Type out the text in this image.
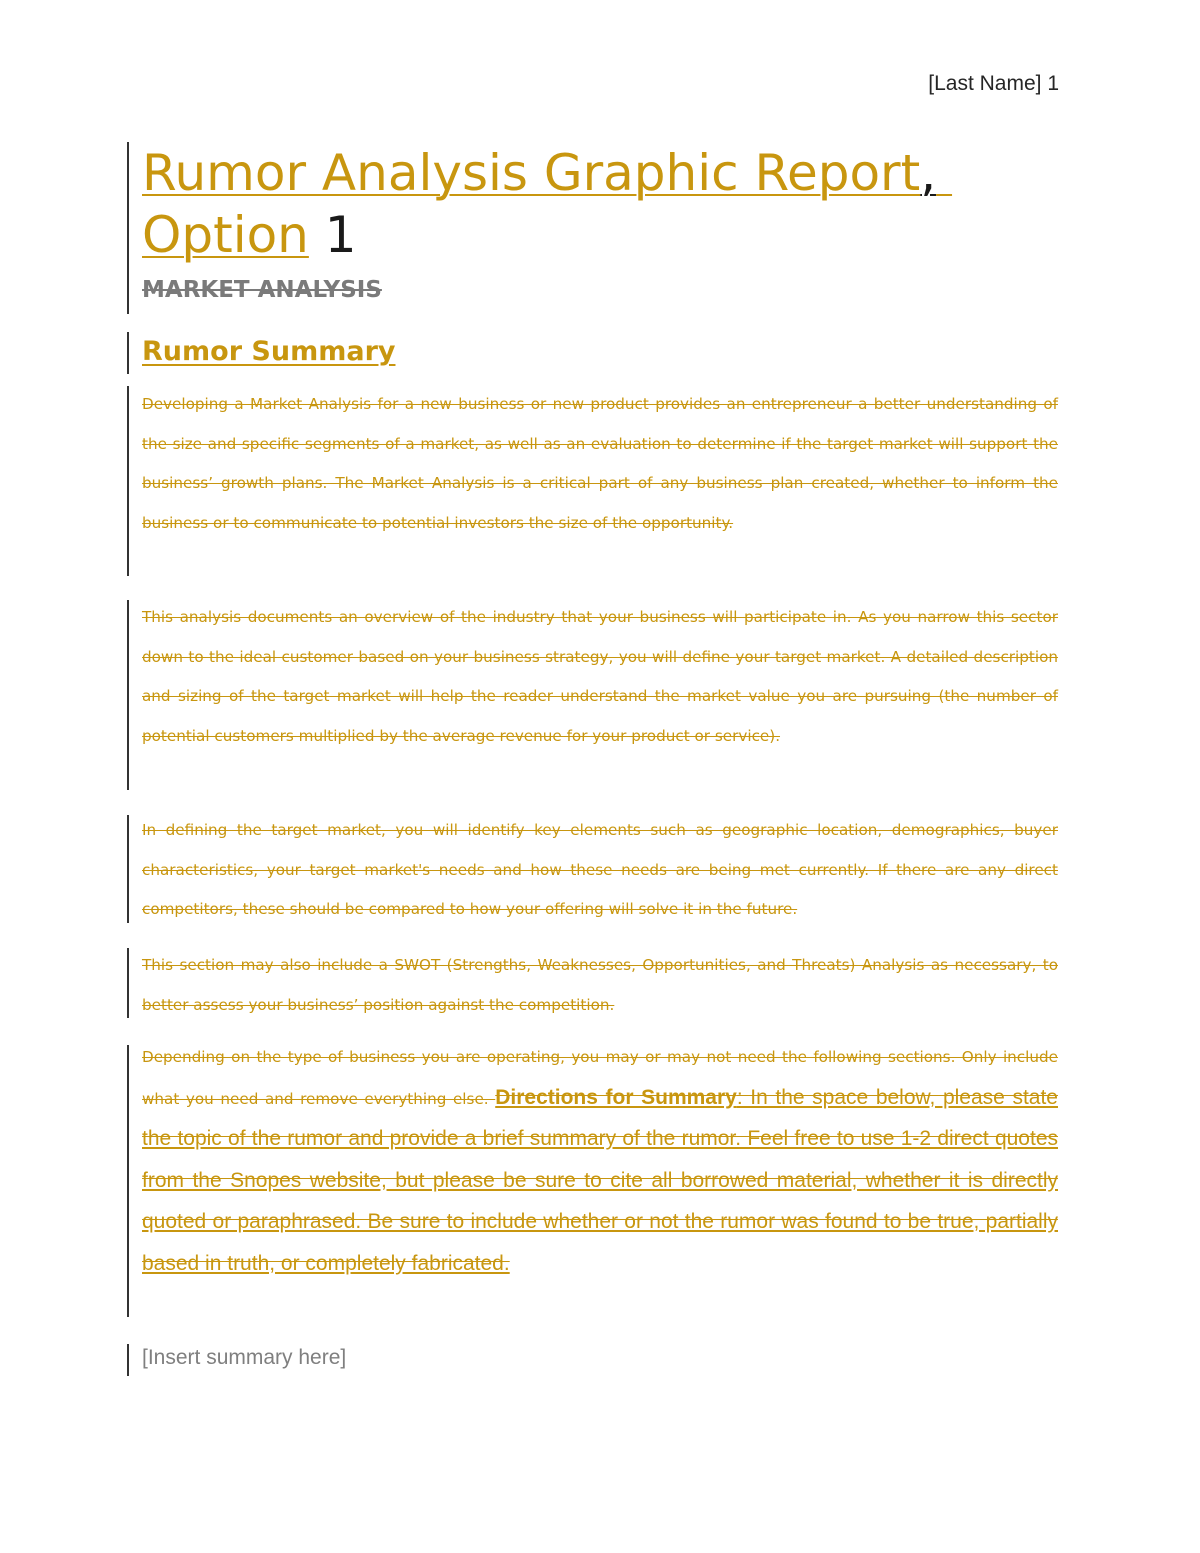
[Last Name] 1
Rumor Analysis Graphic Report,
Option 1
MARKET ANALYSIS
Rumor Summary
Developing a Market Analysis for a new business or new product provides an entrepreneur a better understanding of the size and specific segments of a market, as well as an evaluation to determine if the target market will support the business’ growth plans. The Market Analysis is a critical part of any business plan created, whether to inform the business or to communicate to potential investors the size of the opportunity.
This analysis documents an overview of the industry that your business will participate in. As you narrow this sector down to the ideal customer based on your business strategy, you will define your target market. A detailed description and sizing of the target market will help the reader understand the market value you are pursuing (the number of potential customers multiplied by the average revenue for your product or service).
In defining the target market, you will identify key elements such as geographic location, demographics, buyer characteristics, your target market's needs and how these needs are being met currently. If there are any direct competitors, these should be compared to how your offering will solve it in the future.
This section may also include a SWOT (Strengths, Weaknesses, Opportunities, and Threats) Analysis as necessary, to better assess your business’ position against the competition.
Depending on the type of business you are operating, you may or may not need the following sections. Only include what you need and remove everything else. Directions for Summary: In the space below, please state the topic of the rumor and provide a brief summary of the rumor. Feel free to use 1-2 direct quotes from the Snopes website, but please be sure to cite all borrowed material, whether it is directly quoted or paraphrased. Be sure to include whether or not the rumor was found to be true, partially based in truth, or completely fabricated.
[Insert summary here]
